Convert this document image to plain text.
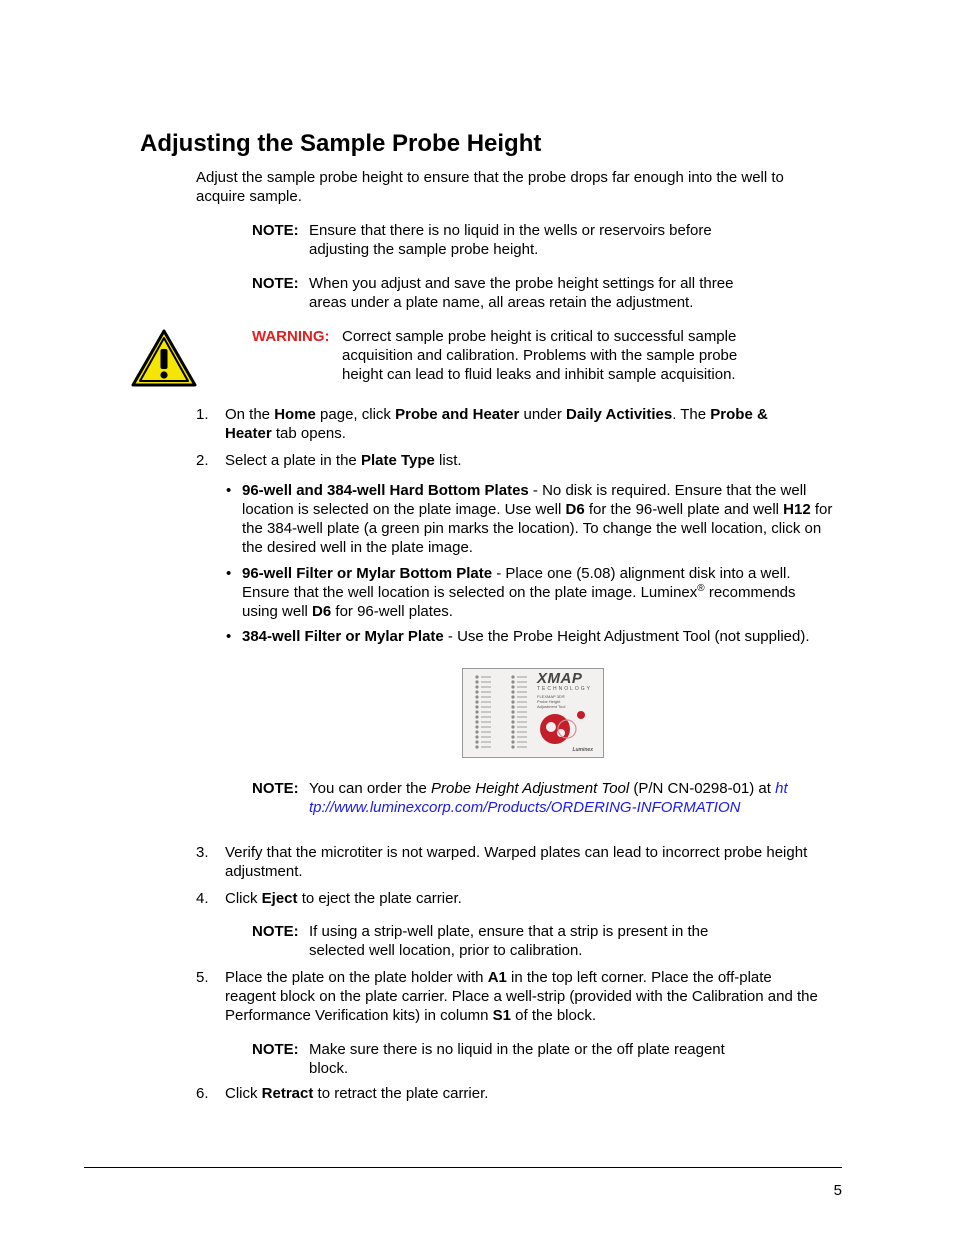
Adjusting the Sample Probe Height

Adjust the sample probe height to ensure that the probe drops far enough into the well to acquire sample.

NOTE: Ensure that there is no liquid in the wells or reservoirs before adjusting the sample probe height.

NOTE: When you adjust and save the probe height settings for all three areas under a plate name, all areas retain the adjustment.

WARNING: Correct sample probe height is critical to successful sample acquisition and calibration. Problems with the sample probe height can lead to fluid leaks and inhibit sample acquisition.

1. On the Home page, click Probe and Heater under Daily Activities. The Probe & Heater tab opens.

2. Select a plate in the Plate Type list.

• 96-well and 384-well Hard Bottom Plates - No disk is required. Ensure that the well location is selected on the plate image. Use well D6 for the 96-well plate and well H12 for the 384-well plate (a green pin marks the location). To change the well location, click on the desired well in the plate image.

• 96-well Filter or Mylar Bottom Plate - Place one (5.08) alignment disk into a well. Ensure that the well location is selected on the plate image. Luminex® recommends using well D6 for 96-well plates.

• 384-well Filter or Mylar Plate - Use the Probe Height Adjustment Tool (not supplied).

XMAP
TECHNOLOGY
FLEXMAP 3D®
Probe Height
Adjustment Tool
Luminex
NOTE: You can order the Probe Height Adjustment Tool (P/N CN-0298-01) at http://www.luminexcorp.com/Products/ORDERING-INFORMATION

3. Verify that the microtiter is not warped. Warped plates can lead to incorrect probe height adjustment.

4. Click Eject to eject the plate carrier.

NOTE: If using a strip-well plate, ensure that a strip is present in the selected well location, prior to calibration.

5. Place the plate on the plate holder with A1 in the top left corner. Place the off-plate reagent block on the plate carrier. Place a well-strip (provided with the Calibration and the Performance Verification kits) in column S1 of the block.

NOTE: Make sure there is no liquid in the plate or the off plate reagent block.

6. Click Retract to retract the plate carrier.

5
